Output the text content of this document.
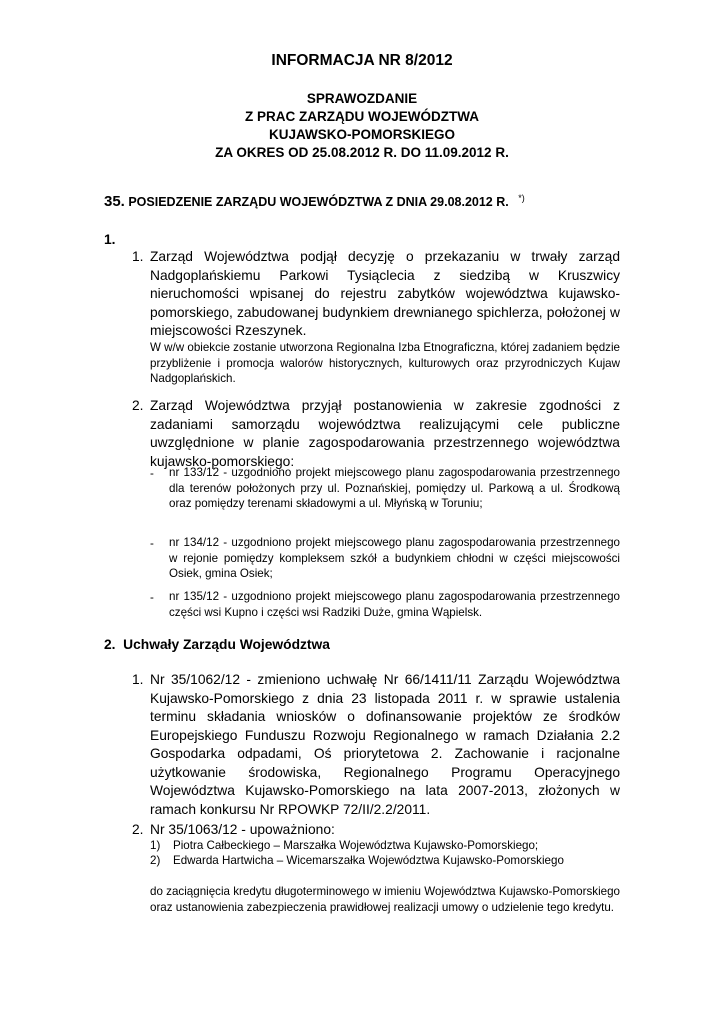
INFORMACJA NR 8/2012
SPRAWOZDANIE
Z PRAC ZARZĄDU WOJEWÓDZTWA
KUJAWSKO-POMORSKIEGO
ZA OKRES OD 25.08.2012 R. DO 11.09.2012 R.
35. POSIEDZENIE ZARZĄDU WOJEWÓDZTWA Z DNIA 29.08.2012 R. *)
1.
1. Zarząd Województwa podjął decyzję o przekazaniu w trwały zarząd Nadgoplańskiemu Parkowi Tysiąclecia z siedzibą w Kruszwicy nieruchomości wpisanej do rejestru zabytków województwa kujawsko-pomorskiego, zabudowanej budynkiem drewnianego spichlerza, położonej w miejscowości Rzeszynek.
W w/w obiekcie zostanie utworzona Regionalna Izba Etnograficzna, której zadaniem będzie przybliżenie i promocja walorów historycznych, kulturowych oraz przyrodniczych Kujaw Nadgoplańskich.
2. Zarząd Województwa przyjął postanowienia w zakresie zgodności z zadaniami samorządu województwa realizującymi cele publiczne uwzględnione w planie zagospodarowania przestrzennego województwa kujawsko-pomorskiego:
- nr 133/12 - uzgodniono projekt miejscowego planu zagospodarowania przestrzennego dla terenów położonych przy ul. Poznańskiej, pomiędzy ul. Parkową a ul. Środkową oraz pomiędzy terenami składowymi a ul. Młyńską w Toruniu;
- nr 134/12 - uzgodniono projekt miejscowego planu zagospodarowania przestrzennego w rejonie pomiędzy kompleksem szkół a budynkiem chłodni w części miejscowości Osiek, gmina Osiek;
- nr 135/12 - uzgodniono projekt miejscowego planu zagospodarowania przestrzennego części wsi Kupno i części wsi Radziki Duże, gmina Wąpielsk.
2.  Uchwały Zarządu Województwa
1. Nr 35/1062/12 - zmieniono uchwałę Nr 66/1411/11 Zarządu Województwa Kujawsko-Pomorskiego z dnia 23 listopada 2011 r. w sprawie ustalenia terminu składania wniosków o dofinansowanie projektów ze środków Europejskiego Funduszu Rozwoju Regionalnego w ramach Działania 2.2 Gospodarka odpadami, Oś priorytetowa 2. Zachowanie i racjonalne użytkowanie środowiska, Regionalnego Programu Operacyjnego Województwa Kujawsko-Pomorskiego na lata 2007-2013, złożonych w ramach konkursu Nr RPOWKP 72/II/2.2/2011.
2. Nr 35/1063/12 - upoważniono:
1)	Piotra Całbeckiego – Marszałka Województwa Kujawsko-Pomorskiego;
2)	Edwarda Hartwicha – Wicemarszałka Województwa Kujawsko-Pomorskiego
do zaciągnięcia kredytu długoterminowego w imieniu Województwa Kujawsko-Pomorskiego oraz ustanowienia zabezpieczenia prawidłowej realizacji umowy o udzielenie tego kredytu.
